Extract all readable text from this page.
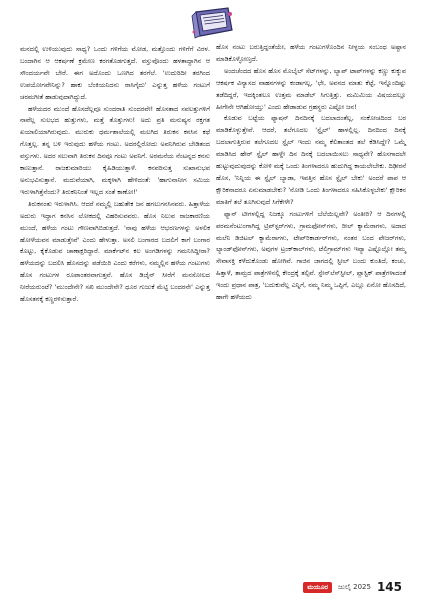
ಮನದಲ್ಲಿ ಉಳಿಯುವುದು ಸಾಧ್ಯ? ಒಂದು ಗಳಿಗೆಯ ಮೋಡ, ಮತ್ತೊಂದು ಗಳಿಗೆಗೆ ವಿರಳ. ಬಂದಾಗಿನ ಆ ಆಕರ್ಷಣೆ ಕ್ರಮೇಣ ಕರಗತೊಡಗುತ್ತದೆ. ವಸ್ತುವೊಂದು ಹಳತಾದ್ದಾಗಿನ ಆ ಸೌಂದರ್ಯವೇ ಬೇರೆ. ಈಗ ಅದೊಂದು ಒಣಗಿದ ತರಗೆಲೆ. 'ಉದುರಿದೀ ತರಗಿಂದ ಉಪಯೋಗವೇನಿನ್ನು? ಹಾಕು ಬೆಂಕಿಯನಿದನು ರಾಸಿಗೈದು' ಎನ್ನುತ್ತ ಹಳೆಯ ಗಂಟುಗೆ ಚರಮಗೀತೆ ಹಾಡುವುದಾಗಿದ್ದುದೆ.

ಹಳೆಯದರ ಮುಂದೆ ಹೊಸದೆಲ್ಲವೂ ಸುಂದರಾತಿ ಸುಂದರವೇ! ಹೊಸತಾದ ಸವಲತ್ತುಗಳಿಗೆ ನಾವೆಲ್ಲ ಸುಲಭದ ಹುತ್ತುಗಳು, ಮತ್ತೆ ತೊತ್ತುಗಳು! ಅದು ಪ್ರತಿ ಮನುಷ್ಯನ ರಕ್ತಗತ ಖಯಾಲಿಯಾಗಿರುವುದು. ಮುರುಕು ಧರ್ಮಶಾಲೆಯಲ್ಲಿ ಮಲಗಿದ ತಿರುಕನ ಕನಸಿನ ಕಥೆ ಗೊತ್ತಲ್ಲ. ತನ್ನ ಬಳಿ ಇರುವುದು ಹಳೆಯ ಗಂಟು. ಅದರಲ್ಲಿರೋದು ಅವನಿಗಿರುವ ಬೇಡಿತಂದ ವಸ್ತುಗಳು. ಅದರ ಸಲುವಾಗಿ ತಿರುಕನ ದಿನವೂ ಗಂಟು ಅವನಿಗೆ. ಅರಮನೆಯ ನೆಂಟನ್ನದ ಕನಸು ಕಾಣುತ್ತಾನೆ. ರಾಜಕುಮಾರಿಯು ಕೈಹಿಡಿಯುತ್ತಾಳೆ. ಕನವರಿಸುತ್ತ ಸುಖಾನುಭವ ಅನುಭವಿಸುತ್ತಾನೆ. ಮದುವೆಯಾಗಿ, ಮಕ್ಕಳಾಗಿ ಹೇಳಿದಂತೆ: 'ಹಾಗುನಾನೀಗ ಸಮಿಯ ಇರುಳಾಗಿತ್ತೆನೆಂದು? ತಿರುಕನಿನಿಂತೆ ಇಲ್ಲದ ಸಂತೆ ಕಾಣೋ!'

ತಿರುಕನಂತು ಇರುಳಾಗಿಸಿ. ಆದರೆ ನಮ್ಮಲ್ಲಿ ಬಹುತೇಕ ಜನ ಹಗಲುಗನಸಿನವರು. ಹಿತ್ತಾಳೆಯ ಅದುರು ಇದ್ದಾಗ ಕನಸಿನ ಲೋಕದಲ್ಲಿ ವಿಹರಿಸುವವರು. ಹೊಸ ನಿಲುವ ರಾಜಕಾರಣಿಯ ಮುಂದೆ, ಹಳೆಯ ಗಂಟು ಗೌಣವಾಗಿಬಿಡುತ್ತದೆ. 'ನಾವು ಹಳೆಯ ಆಭರಣಗಳನ್ನು ಅಳಲಿಕ ಹೋಳೆಯವನ ಮಾಡುತ್ತೇವೆ' ಎಂದು ಹೇಳುತ್ತಾ. ಅಸಲಿ ಬಂಗಾರದ ಬದಲಿಗೆ ಕಾಗೆ ಬಂಗಾರ ಕೊಟ್ಟು, ಕೈಕೊಡುವ ಚಾಣಾಕ್ಷರಿದ್ದಾರೆ. ಮಾರ್ಕೆಟ್‌ನ ಕಲ ಅಂಗಡಿಗಳನ್ನು ಗಮನಿಸಿದ್ದೀರಾ? ಹಳೆಯದನ್ನು ಬದಲಿಸಿ ಹೊಸದನ್ನು ಪಡೆಯಿರಿ ಎಂದು ಕರೆಗಳು, ನಮ್ಮಲ್ಲಿನ ಹಳೆಯ ಗಂಟುಗಳು ಹೊಸ ಗಂಟುಗಳ ರೂಪಾಂತರವಾಗುತ್ತವೆ. ಹೊಸ ಡಿಜೈನ್ ಸೀರೆಗೆ ಮನಸೋಲದ ನೀರೆಯರುಂಟೆ? 'ಮುಂದೇನೇ? ಸಖಿ ಮುಂದೇನೇ? ಧೂರ ಗುಜುಕೆ ಮೆಟ್ಟಿ ಬಂದರನೇ' ಎನ್ನುತ್ತ ಹೊಸತನಕ್ಕೆ ಕಣ್ಣರಳಿಸುತ್ತಾರೆ.

ಹೊಸ ನಂಟು ಬರುತ್ತಿದ್ದಂತೆಯೇ, ಹಳೆಯ ಗಂಟುಗಳೊಂದಿನ ನೀಳ್ಳಯ ಸಂಬಂಧ ಅಷ್ಟಾನ ಮಾಡಿಕೊಳ್ಳೋಣ್ತದೆ.

ಅಂದಚೆಂದದ ಹೊಸ ಹೊಸ ಮೊಬೈಲ್ ಸೆಟ್‌ಗಳನ್ನು, ಲ್ಯಾಪ್ ಟಾಪ್‌ಗಳನ್ನು ಕಣ್ಣು ಕುಕ್ಕುವ ಆಕರ್ಷಕ ವಿನ್ಯಾಸದ ವಾಹನಗಳನ್ನು ಕಂಡಾಗಲ್ಲ, 'ಛೇ, ಅವನದ ಮಾತು ಕೆಟ್ಟೆ, ಇನ್ನೊಂದಿಷ್ಟು ತಡೆದಿದ್ದರೆ, ಇದಕ್ಕಿಂತಲೂ ಉತ್ತಮ ಮಾಡೆಲ್ ಸಿಗುತ್ತಿತ್ತು. ಮಮಿಮಿಯ ವಿಷಯದಲ್ಲೂ ಹೀಗೇನೇ ಆಗಿಹೋಯ್ತು' ಎಂದು ಹೇಡಾಡುವ ಗ್ರಹಸ್ಥರು ಎಷ್ಟೋ ಜನ!

ಕೊಡುವ ಬಟ್ಟೆಯ ಫ್ಯಾಷನ್ ದಿನದಿನಕ್ಕೆ ಬದಲಾದಂತೆಲ್ಲ, ಸಂಕೋಚದಿಂದ ಬರ ಮಾಡಿಕೊಳ್ಳುತ್ತೇವೆ. ಆದರೆ, ತಲೆಗೂದಲ 'ಸ್ಟೈಲ್' ಹಾಳಲ್ಲಿಲ್ಲ. ದಿನದಿಂದ ದಿನಕ್ಕೆ ಬದಲಾಗುತ್ತಿರುವ ತಲೆಗೂದಲ ಸ್ಟೈಲ್ ಇಂದು ನಮ್ಮ ಕೆಲಿತಾಂತದ ತಲೆ ಕೆಡಿಸಿದ್ದೇ? ಒಮ್ಮೆ ಮಾಡಿಸಿದ ಹೇರ್ ಸ್ಟೈಲ್ ಹಾಳ್ದೇ ದಿನ ದಿನಕ್ಕೆ ಬದಲಾಯಿಸಲು ಸಾಧ್ಯವೇ? ಹೊಸಗಾದಲೇ ಹುಟ್ಟುವುದುವುದನ್ನು ಕೋಳಿ ಮಕ್ಕೆ ಒಂದು ತಿಂಗಳಾದರೂ ಹುದುಗಿದ್ದ ಕಾಯಲೇಬೇಕು. ದಿಢೀರನೆ ಹೊಸ, 'ನಿನ್ನಿಯ ಈ ಸ್ಟೈಲ್ ಬ್ಯಾಡಾ, ಇವತ್ತಿನ ಹೊಸ ಸ್ಟೈಲ್ ಬೇಕು' ಅಂದರೆ ಪಾಪ ಆ ಕ್ಷೌರಿಕನಾದರೂ ಏನುಮಾಡಬೇಕು? 'ನೋಡಿ ಒಂದು ತಿಂಗಳಾದರೂ ಸಹಿಸಿಕೊಳ್ಳಬೇಕು' ಕ್ಷೌರಿಕನ ಮಾತಿಗೆ ತಲೆ ತೂಗಿಸುವುದೆ ಸಿಗೆಕೇಳೇ?

ಫ್ಯಾನ್ ಟೀಗಳಲ್ಲಿದ್ದ ನಿಜಕ್ಕೂ ಗಂಟುಗಳಿಗೆ ಬೆಲೆಯಿಲ್ಲವೇ? ಅಂತೀರಿ? ಆ ದಿನಗಳಲ್ಲಿ ಪರಮನೆಂಟುಂಗಾಗಿದ್ದ ಟ್ರಿಪ್‌ಸ್ಟರ್‌ಗಳು, ಗ್ರಾಮಫೋನ್‌ಗಳು, ರೀಲ್ ಕ್ಯಾಮೆರಾಗಳು, ಅದಾದ ಮಲೆನಿ ಡಿಜಿಟಲ್ ಕ್ಯಾಮೆರಾಗಳು, ಟೇಪ್‌ರಿಕಾರ್ಡರ್‌ಗಳು, ನಂತರ ಬಂದ ಪೇಜರ್‌ಗಳು, ಲ್ಯಾಂಡ್‌ಫೋನ್‌ಗಳು, ಅವುಗಳ ಟ್ರಂಕ್‌ಕಾಲ್‌ಗಳು, ಟೆಲಿಗ್ರಾಮ್‌ಗಳು ಇವ್ಯಾ ಎಷ್ಟೊಲ್ಲೋ ತಮ್ಮ ಸೇವಾಸಕ್ತಿ ಕಳೆದುಕೊಂಡು ಹೋಗಿವೆ. ಗಾಜಿನ ಜಾಗದಲ್ಲಿ ಸ್ಟೀಲ್ ಬಂದು ಕುಂತಿದೆ, ಕಂಚು, ಹಿತ್ತಾಳೆ, ತಾಮ್ರದ ಪಾತ್ರೆಗಳಿನಲ್ಲಿ ಕೇಂದ್ರಕ್ಕೆ ತಲ್ಪಿವೆ. ಸ್ಟೇನ್‌ಲೆಸ್‌ಸ್ಟೀಲ್, ಪ್ಲಾಸ್ಟಿಕ್ ಪಾತ್ರೆಗಳಾದಂತೆ ಇಂದು ಪ್ರಧಾನ ಪಾತ್ರ, 'ಬದುಕುವೆಲ್ಲ ಎನ್ನಿಗೆ, ನಮ್ಮ ನಿಮ್ಮ ಒಪ್ಪಿಗೆ, ಎಲ್ಲೂ ಏನೋ ಹೊಸದಿದೆ, ಹಾಗೇ ಹಳೆಯದು

ಮಯೂರ	ಜುಲೈ 2025 145
